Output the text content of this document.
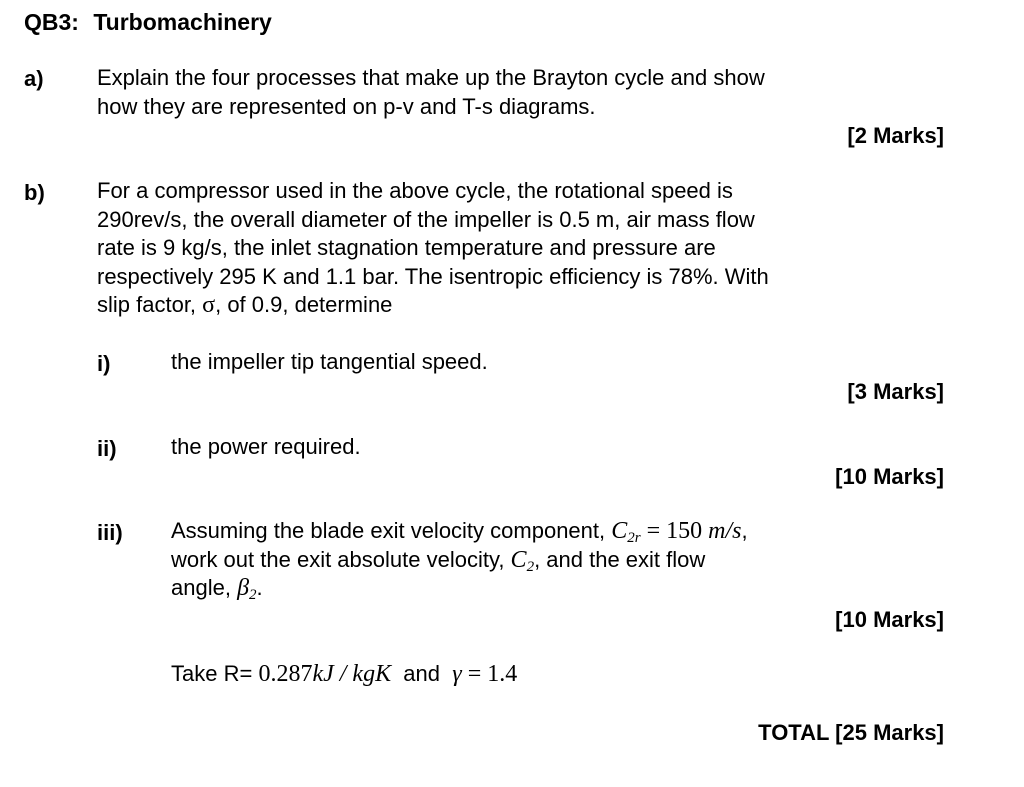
QB3: Turbomachinery
a) Explain the four processes that make up the Brayton cycle and show
how they are represented on p-v and T-s diagrams.
[2 Marks]
b) For a compressor used in the above cycle, the rotational speed is
290rev/s, the overall diameter of the impeller is 0.5 m, air mass flow
rate is 9 kg/s, the inlet stagnation temperature and pressure are
respectively 295 K and 1.1 bar. The isentropic efficiency is 78%. With
slip factor, σ, of 0.9, determine
i)	the impeller tip tangential speed.
[3 Marks]
ii) the power required.
[10 Marks]
iii) Assuming the blade exit velocity component, $C_{2r} = 150$ m/s,
work out the exit absolute velocity, $C_2$, and the exit flow
angle, $\beta_2$.
[10 Marks]
Take R= 0.287kJ / kgK  and  γ = 1.4
TOTAL [25 Marks]
